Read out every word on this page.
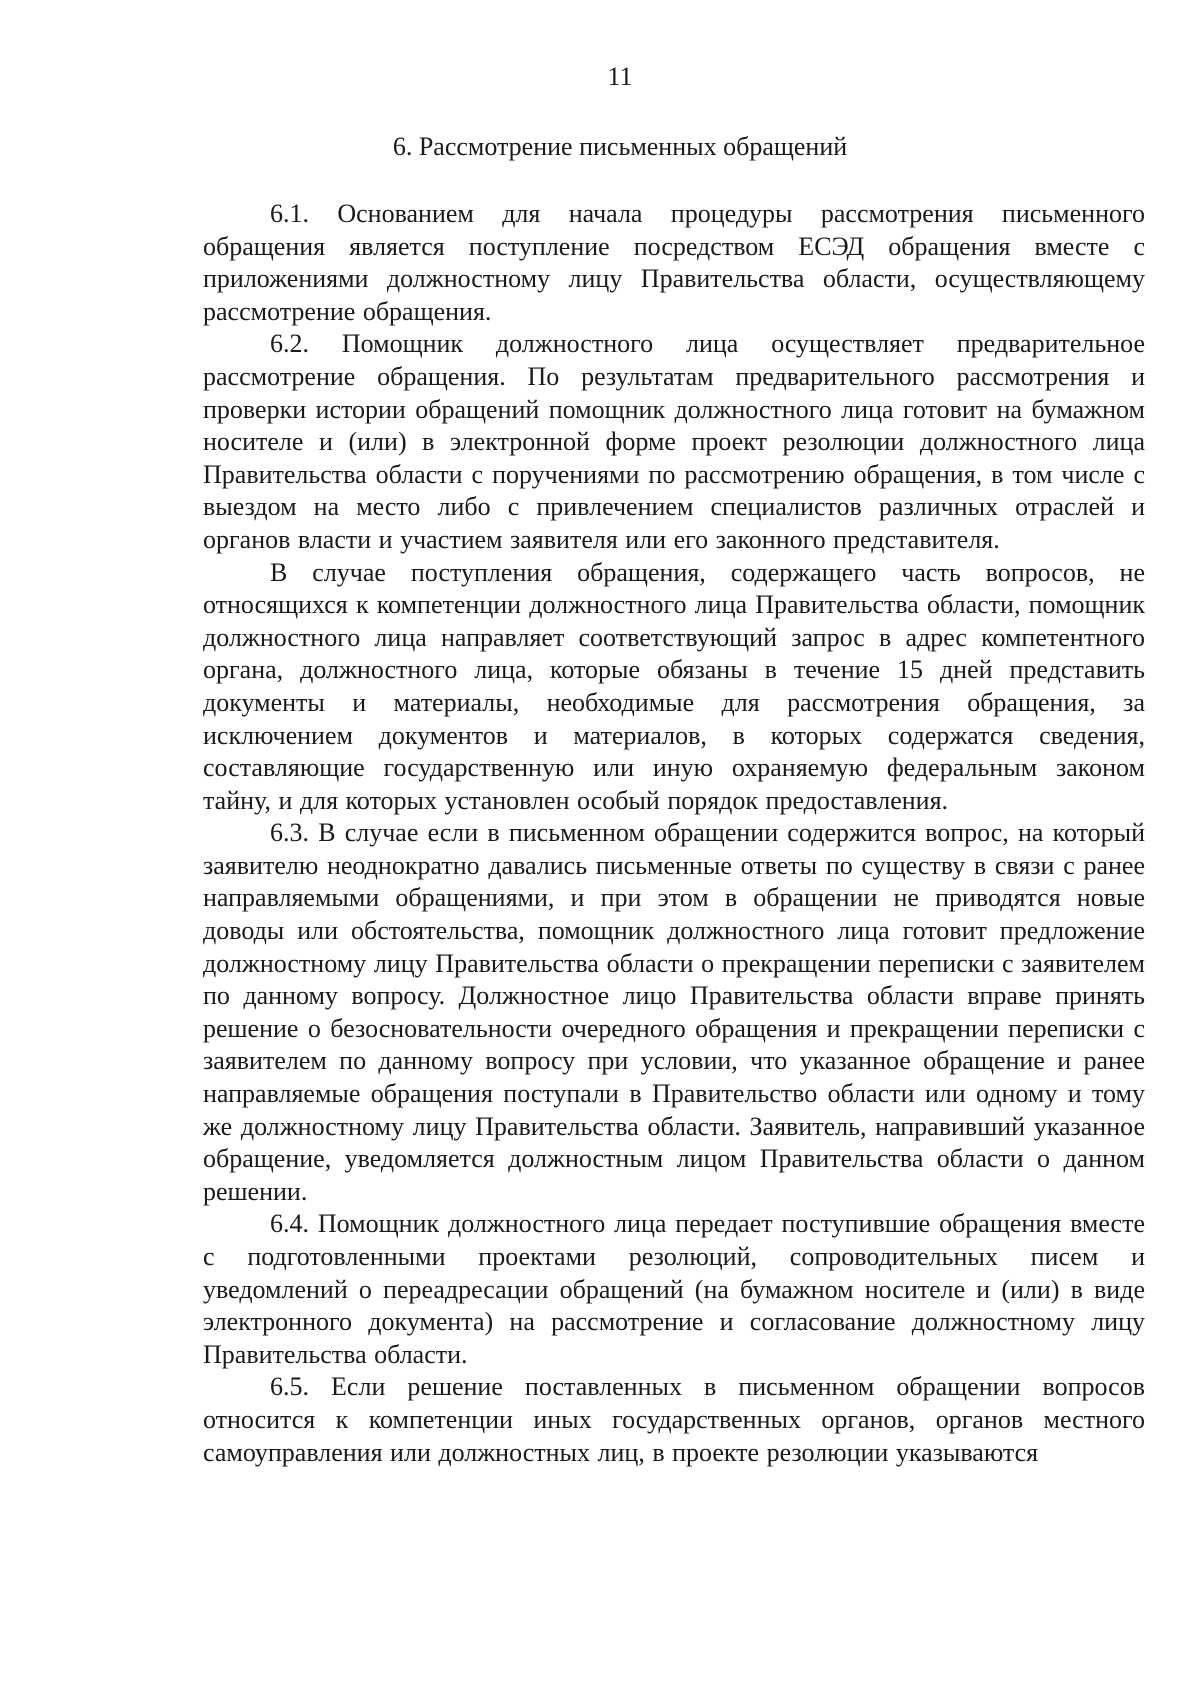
11
6. Рассмотрение письменных обращений

6.1. Основанием для начала процедуры рассмотрения письменного обращения является поступление посредством ЕСЭД обращения вместе с приложениями должностному лицу Правительства области, осуществляющему рассмотрение обращения.

6.2. Помощник должностного лица осуществляет предварительное рассмотрение обращения. По результатам предварительного рассмотрения и проверки истории обращений помощник должностного лица готовит на бумажном носителе и (или) в электронной форме проект резолюции должностного лица Правительства области с поручениями по рассмотрению обращения, в том числе с выездом на место либо с привлечением специалистов различных отраслей и органов власти и участием заявителя или его законного представителя.

В случае поступления обращения, содержащего часть вопросов, не относящихся к компетенции должностного лица Правительства области, помощник должностного лица направляет соответствующий запрос в адрес компетентного органа, должностного лица, которые обязаны в течение 15 дней представить документы и материалы, необходимые для рассмотрения обращения, за исключением документов и материалов, в которых содержатся сведения, составляющие государственную или иную охраняемую федеральным законом тайну, и для которых установлен особый порядок предоставления.

6.3. В случае если в письменном обращении содержится вопрос, на который заявителю неоднократно давались письменные ответы по существу в связи с ранее направляемыми обращениями, и при этом в обращении не приводятся новые доводы или обстоятельства, помощник должностного лица готовит предложение должностному лицу Правительства области о прекращении переписки с заявителем по данному вопросу. Должностное лицо Правительства области вправе принять решение о безосновательности очередного обращения и прекращении переписки с заявителем по данному вопросу при условии, что указанное обращение и ранее направляемые обращения поступали в Правительство области или одному и тому же должностному лицу Правительства области. Заявитель, направивший указанное обращение, уведомляется должностным лицом Правительства области о данном решении.

6.4. Помощник должностного лица передает поступившие обращения вместе с подготовленными проектами резолюций, сопроводительных писем и уведомлений о переадресации обращений (на бумажном носителе и (или) в виде электронного документа) на рассмотрение и согласование должностному лицу Правительства области.

6.5. Если решение поставленных в письменном обращении вопросов относится к компетенции иных государственных органов, органов местного самоуправления или должностных лиц, в проекте резолюции указываются
